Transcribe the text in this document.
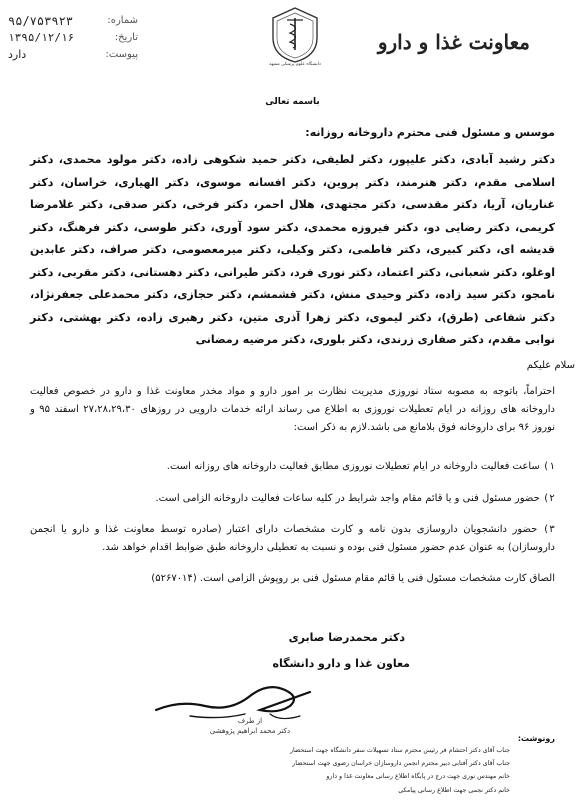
معاونت غذا و دارو
دانشگاه علوم پزشکی مشهد
شماره:
۹۵/۷۵۳۹۲۳
تاریخ:
۱۳۹۵/۱۲/۱۶
پیوست:
دارد
باسمه تعالی
موسس و مسئول فنی محترم داروخانه روزانه:
دکتر رشید آبادی، دکتر علیپور، دکتر لطیفی، دکتر حمید شکوهی زاده، دکتر مولود محمدی، دکتر اسلامی مقدم، دکتر هنرمند، دکتر پروین، دکتر افسانه موسوی، دکتر الهیاری، خراسان، دکتر غناریان، آریا، دکتر مقدسی، دکتر مجتهدی، هلال احمر، دکتر فرخی، دکتر صدقی، دکتر غلامرضا کریمی، دکتر رضایی دو، دکتر فیروزه محمدی، دکتر سود آوری، دکتر طوسی، دکتر فرهنگ، دکتر قدیشه ای، دکتر کبیری، دکتر فاطمی، دکتر وکیلی، دکتر میرمعصومی، دکتر صراف، دکتر عابدین اوغلو، دکتر شعبانی، دکتر اعتماد، دکتر نوری فرد، دکتر طیرانی، دکتر دهستانی، دکتر مقربی، دکتر نامجو، دکتر سید زاده، دکتر وحیدی منش، دکتر قشمشم، دکتر حجازی، دکتر محمدعلی جعفرنژاد، دکتر شفاعی (طرق)، دکتر لیموی، دکتر زهرا آذری متین، دکتر رهبری زاده، دکتر بهشتی، دکتر نوابی مقدم، دکتر صفاری زرندی، دکتر بلوری، دکتر مرضیه رمضانی
سلام علیکم
احتراماً، باتوجه به مصوبه ستاد نوروزی مدیریت نظارت بر امور دارو و مواد مخدر معاونت غذا و دارو در خصوص فعالیت داروخانه های روزانه در ایام تعطیلات نوروزی به اطلاع می رساند ارائه خدمات دارویی در روزهای ۲۷،۲۸،۲۹،۳۰ اسفند ۹۵ و نوروز ۹۶ برای داروخانه فوق بلامانع می باشد.لازم به ذکر است:
۱) ساعت فعالیت داروخانه در ایام تعطیلات نوروزی مطابق فعالیت داروخانه های روزانه است.
۲) حضور مسئول فنی و یا قائم مقام واجد شرایط در کلیه ساعات فعالیت داروخانه الزامی است.
۳) حضور دانشجویان داروسازی بدون نامه و کارت مشخصات دارای اعتبار (صادره توسط معاونت غذا و دارو یا انجمن داروسازان) به عنوان عدم حضور مسئول فنی بوده و نسبت به تعطیلی داروخانه طبق ضوابط اقدام خواهد شد.
الصاق کارت مشخصات مسئول فنی یا قائم مقام مسئول فنی بر روپوش الزامی است. (۵۲۶۷۰۱۴)
دکتر محمدرضا صابری
معاون غذا و دارو دانشگاه
از طرف
دکتر محمد ابراهیم پژوهشی
رونوشت:
جناب آقای دکتر احتشام فر رئیس محترم ستاد تسهیلات سفر دانشگاه جهت استحضار
جناب آقای دکتر آفتابی دبیر محترم انجمن داروسازان خراسان رضوی جهت استحضار
خانم مهندس نوری جهت درج در پایگاه اطلاع رسانی معاونت غذا و دارو
خانم دکتر نجمی جهت اطلاع رسانی پیامکی
